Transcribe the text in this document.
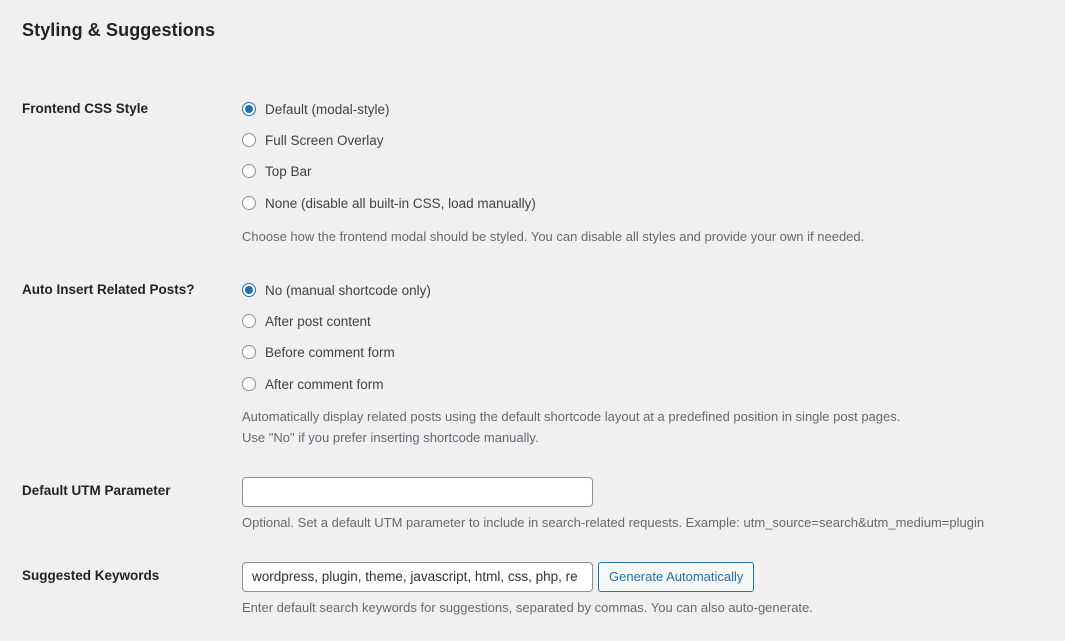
Styling & Suggestions
Frontend CSS Style	Default (modal-style)
Full Screen Overlay
Top Bar
None (disable all built-in CSS, load manually)
Choose how the frontend modal should be styled. You can disable all styles and provide your own if needed.
Auto Insert Related Posts?	No (manual shortcode only)
After post content
Before comment form
After comment form
Automatically display related posts using the default shortcode layout at a predefined position in single post pages.
Use "No" if you prefer inserting shortcode manually.
Default UTM Parameter
Optional. Set a default UTM parameter to include in search-related requests. Example: utm_source=search&utm_medium=plugin
Suggested Keywords	wordpress, plugin, theme, javascript, html, css, php, re	Generate Automatically
Enter default search keywords for suggestions, separated by commas. You can also auto-generate.
